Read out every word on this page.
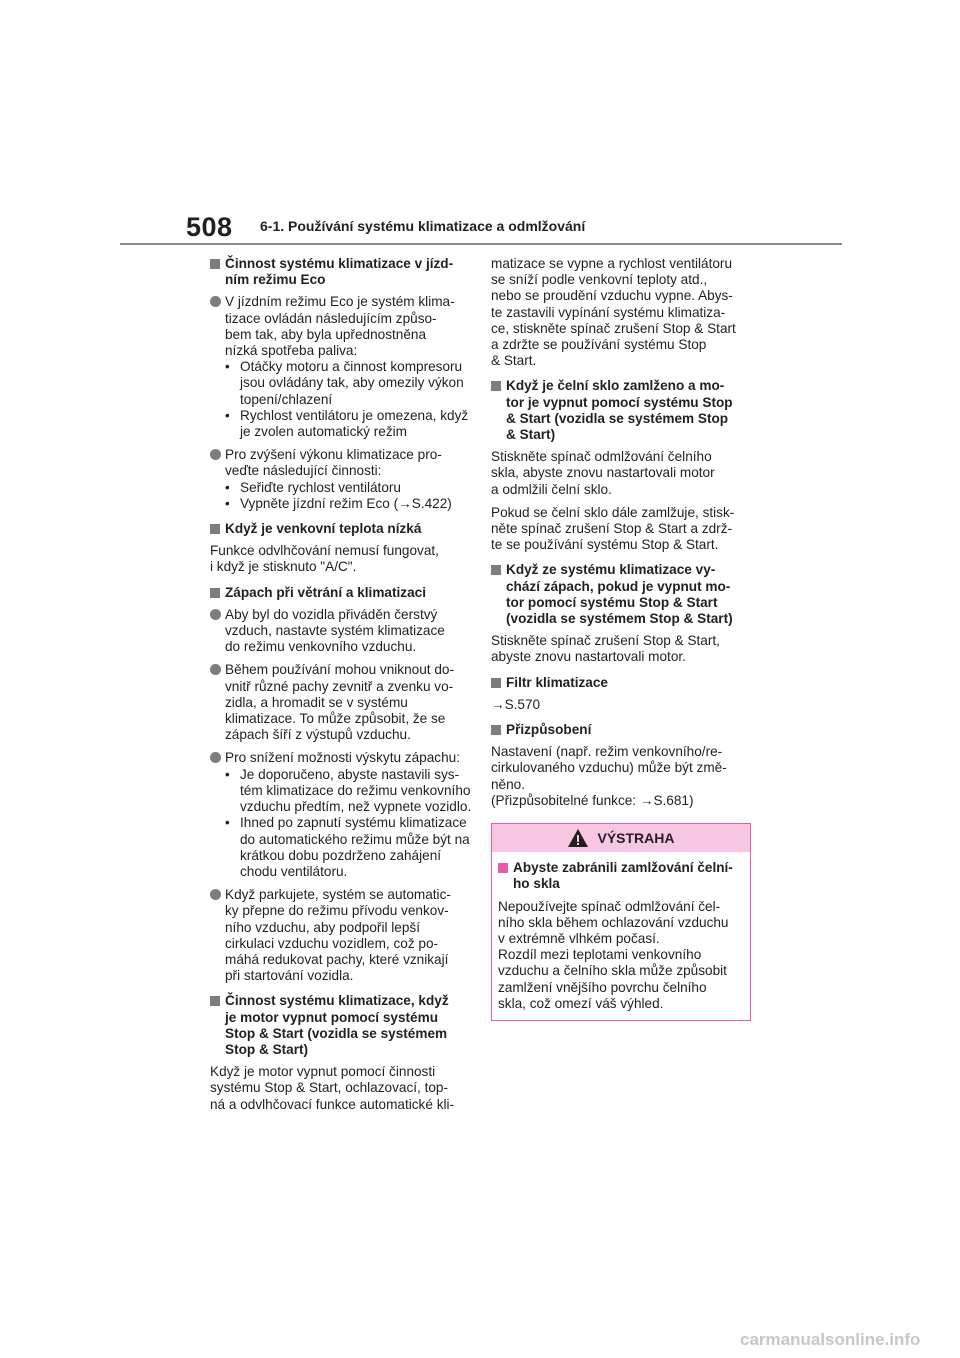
508 6-1. Používání systému klimatizace a odmlžování
Činnost systému klimatizace v jízd-
ním režimu Eco
V jízdním režimu Eco je systém klima-
tizace ovládán následujícím způso-
bem tak, aby byla upřednostněna
nízká spotřeba paliva:
• Otáčky motoru a činnost kompresoru
jsou ovládány tak, aby omezily výkon
topení/chlazení
• Rychlost ventilátoru je omezena, když
je zvolen automatický režim
Pro zvýšení výkonu klimatizace pro-
veďte následující činnosti:
• Seřiďte rychlost ventilátoru
• Vypněte jízdní režim Eco (→S.422)
Když je venkovní teplota nízká
Funkce odvlhčování nemusí fungovat,
i když je stisknuto "A/C".
Zápach při větrání a klimatizaci
Aby byl do vozidla přiváděn čerstvý
vzduch, nastavte systém klimatizace
do režimu venkovního vzduchu.
Během používání mohou vniknout do-
vnitř různé pachy zevnitř a zvenku vo-
zidla, a hromadit se v systému
klimatizace. To může způsobit, že se
zápach šíří z výstupů vzduchu.
Pro snížení možnosti výskytu zápachu:
• Je doporučeno, abyste nastavili sys-
tém klimatizace do režimu venkovního
vzduchu předtím, než vypnete vozidlo.
• Ihned po zapnutí systému klimatizace
do automatického režimu může být na
krátkou dobu pozdrženo zahájení
chodu ventilátoru.
Když parkujete, systém se automatic-
ky přepne do režimu přívodu venkov-
ního vzduchu, aby podpořil lepší
cirkulaci vzduchu vozidlem, což po-
máhá redukovat pachy, které vznikají
při startování vozidla.
Činnost systému klimatizace, když
je motor vypnut pomocí systému
Stop & Start (vozidla se systémem
Stop & Start)
Když je motor vypnut pomocí činnosti
systému Stop & Start, ochlazovací, top-
ná a odvlhčovací funkce automatické kli-
matizace se vypne a rychlost ventilátoru
se sníží podle venkovní teploty atd.,
nebo se proudění vzduchu vypne. Abys-
te zastavili vypínání systému klimatiza-
ce, stiskněte spínač zrušení Stop & Start
a zdržte se používání systému Stop
& Start.
Když je čelní sklo zamlženo a mo-
tor je vypnut pomocí systému Stop
& Start (vozidla se systémem Stop
& Start)
Stiskněte spínač odmlžování čelního
skla, abyste znovu nastartovali motor
a odmlžili čelní sklo.
Pokud se čelní sklo dále zamlžuje, stisk-
něte spínač zrušení Stop & Start a zdrž-
te se používání systému Stop & Start.
Když ze systému klimatizace vy-
chází zápach, pokud je vypnut mo-
tor pomocí systému Stop & Start
(vozidla se systémem Stop & Start)
Stiskněte spínač zrušení Stop & Start,
abyste znovu nastartovali motor.
Filtr klimatizace
→S.570
Přizpůsobení
Nastavení (např. režim venkovního/re-
cirkulovaného vzduchu) může být změ-
něno.
(Přizpůsobitelné funkce: →S.681)
VÝSTRAHA
Abyste zabránili zamlžování čelní-
ho skla
Nepoužívejte spínač odmlžování čel-
ního skla během ochlazování vzduchu
v extrémně vlhkém počasí.
Rozdíl mezi teplotami venkovního
vzduchu a čelního skla může způsobit
zamlžení vnějšího povrchu čelního
skla, což omezí váš výhled.
carmanualsonline.info
